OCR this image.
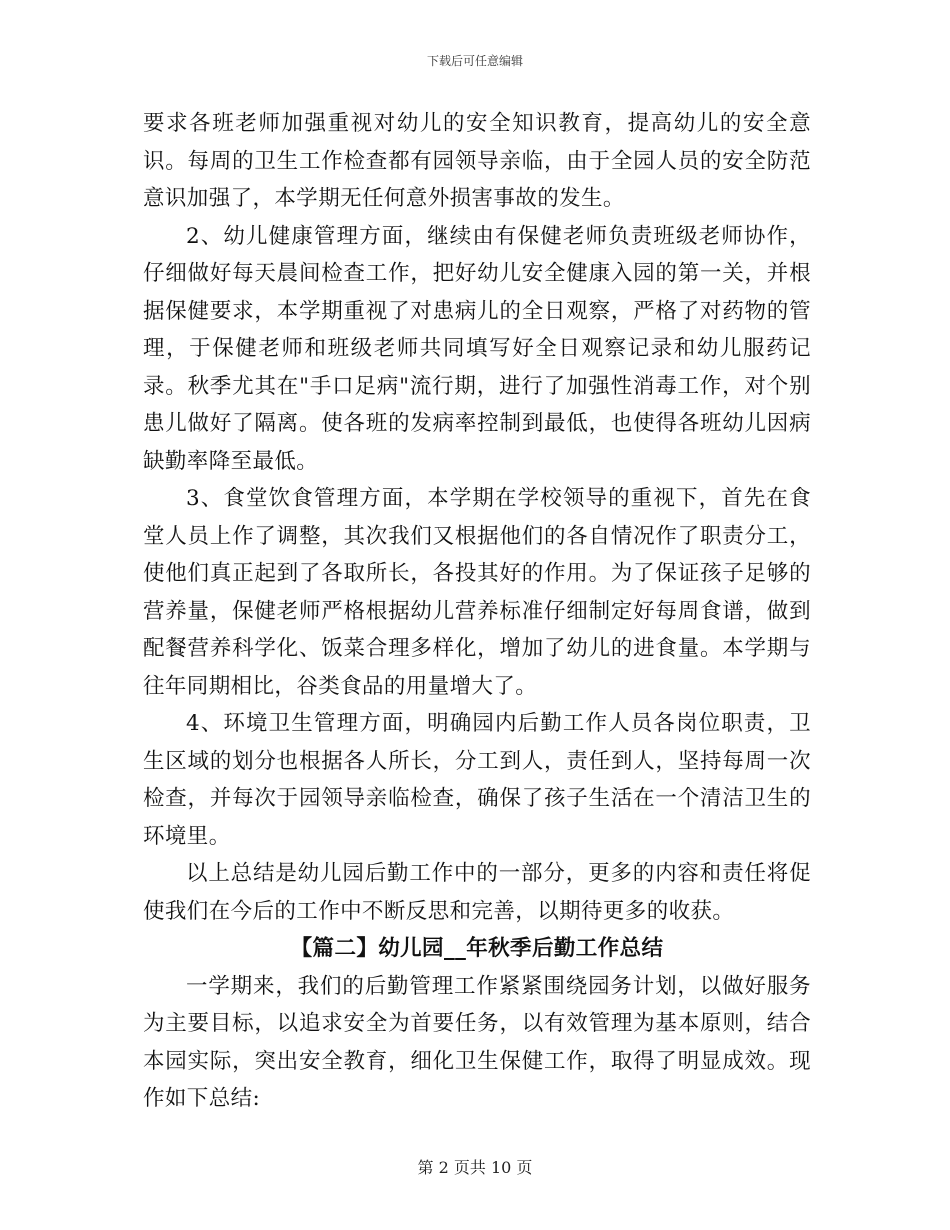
下载后可任意编辑

要求各班老师加强重视对幼儿的安全知识教育，提高幼儿的安全意识。每周的卫生工作检查都有园领导亲临，由于全园人员的安全防范意识加强了，本学期无任何意外损害事故的发生。

2、幼儿健康管理方面，继续由有保健老师负责班级老师协作，仔细做好每天晨间检查工作，把好幼儿安全健康入园的第一关，并根据保健要求，本学期重视了对患病儿的全日观察，严格了对药物的管理，于保健老师和班级老师共同填写好全日观察记录和幼儿服药记录。秋季尤其在"手口足病"流行期，进行了加强性消毒工作，对个别患儿做好了隔离。使各班的发病率控制到最低，也使得各班幼儿因病缺勤率降至最低。

3、食堂饮食管理方面，本学期在学校领导的重视下，首先在食堂人员上作了调整，其次我们又根据他们的各自情况作了职责分工，使他们真正起到了各取所长，各投其好的作用。为了保证孩子足够的营养量，保健老师严格根据幼儿营养标准仔细制定好每周食谱，做到配餐营养科学化、饭菜合理多样化，增加了幼儿的进食量。本学期与往年同期相比，谷类食品的用量增大了。

4、环境卫生管理方面，明确园内后勤工作人员各岗位职责，卫生区域的划分也根据各人所长，分工到人，责任到人，坚持每周一次检查，并每次于园领导亲临检查，确保了孩子生活在一个清洁卫生的环境里。

以上总结是幼儿园后勤工作中的一部分，更多的内容和责任将促使我们在今后的工作中不断反思和完善，以期待更多的收获。

【篇二】幼儿园__年秋季后勤工作总结

一学期来，我们的后勤管理工作紧紧围绕园务计划，以做好服务为主要目标，以追求安全为首要任务，以有效管理为基本原则，结合本园实际，突出安全教育，细化卫生保健工作，取得了明显成效。现作如下总结:

第 2 页共 10 页
